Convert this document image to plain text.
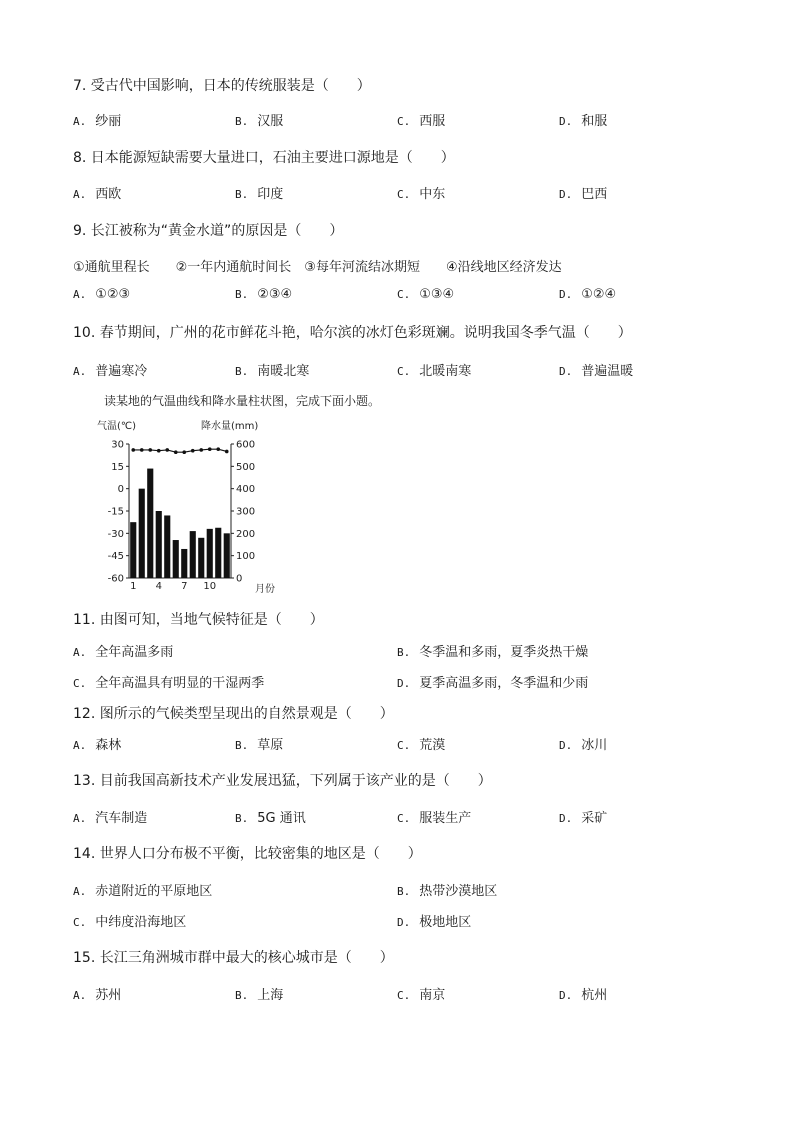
7. 受古代中国影响，日本的传统服装是（　　）
A. 纱丽	B. 汉服	C. 西服	D. 和服
8. 日本能源短缺需要大量进口，石油主要进口源地是（　　）
A. 西欧	B. 印度	C. 中东	D. 巴西
9. 长江被称为“黄金水道”的原因是（　　）
①通航里程长　　②一年内通航时间长　③每年河流结冰期短　　④沿线地区经济发达
A. ①②③	B. ②③④	C. ①③④	D. ①②④
10. 春节期间，广州的花市鲜花斗艳，哈尔滨的冰灯色彩斑斓。说明我国冬季气温（　　）
A. 普遍寒冷	B. 南暖北寒	C. 北暖南寒	D. 普遍温暖
读某地的气温曲线和降水量柱状图，完成下面小题。
气温(℃)	降水量(mm)
月份
30
15
0
-15
-30
-45
-60
600
500
400
300
200
100
0
1 4 7 10
11. 由图可知，当地气候特征是（　　）
A. 全年高温多雨	B. 冬季温和多雨，夏季炎热干燥
C. 全年高温具有明显的干湿两季	D. 夏季高温多雨，冬季温和少雨
12. 图所示的气候类型呈现出的自然景观是（　　）
A. 森林	B. 草原	C. 荒漠	D. 冰川
13. 目前我国高新技术产业发展迅猛，下列属于该产业的是（　　）
A. 汽车制造	B. 5G 通讯	C. 服装生产	D. 采矿
14. 世界人口分布极不平衡，比较密集的地区是（　　）
A. 赤道附近的平原地区	B. 热带沙漠地区
C. 中纬度沿海地区	D. 极地地区
15. 长江三角洲城市群中最大的核心城市是（　　）
A. 苏州	B. 上海	C. 南京	D. 杭州
